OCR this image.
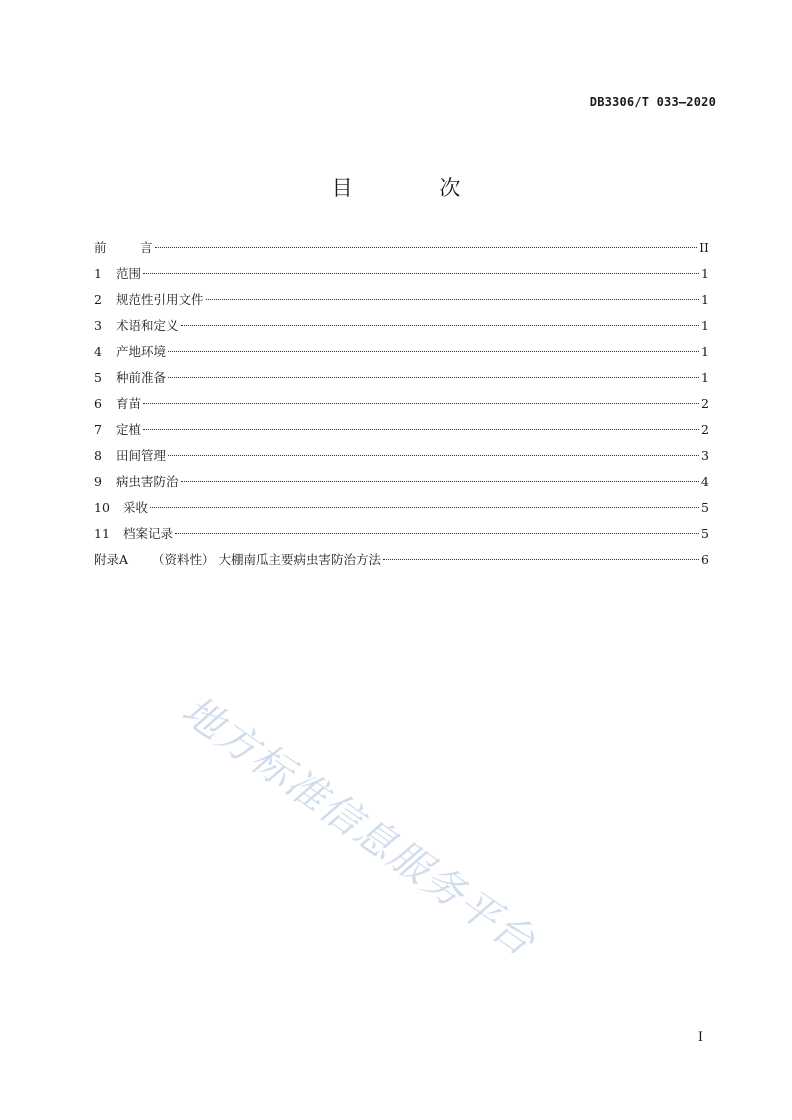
DB3306/T 033—2020
目 次
前	言	II
1	范围	1
2	规范性引用文件	1
3	术语和定义	1
4	产地环境	1
5	种前准备	1
6	育苗	2
7	定植	2
8	田间管理	3
9	病虫害防治	4
10	采收	5
11	档案记录	5
附录A	（资料性） 大棚南瓜主要病虫害防治方法	6
地方标准信息服务平台
I
